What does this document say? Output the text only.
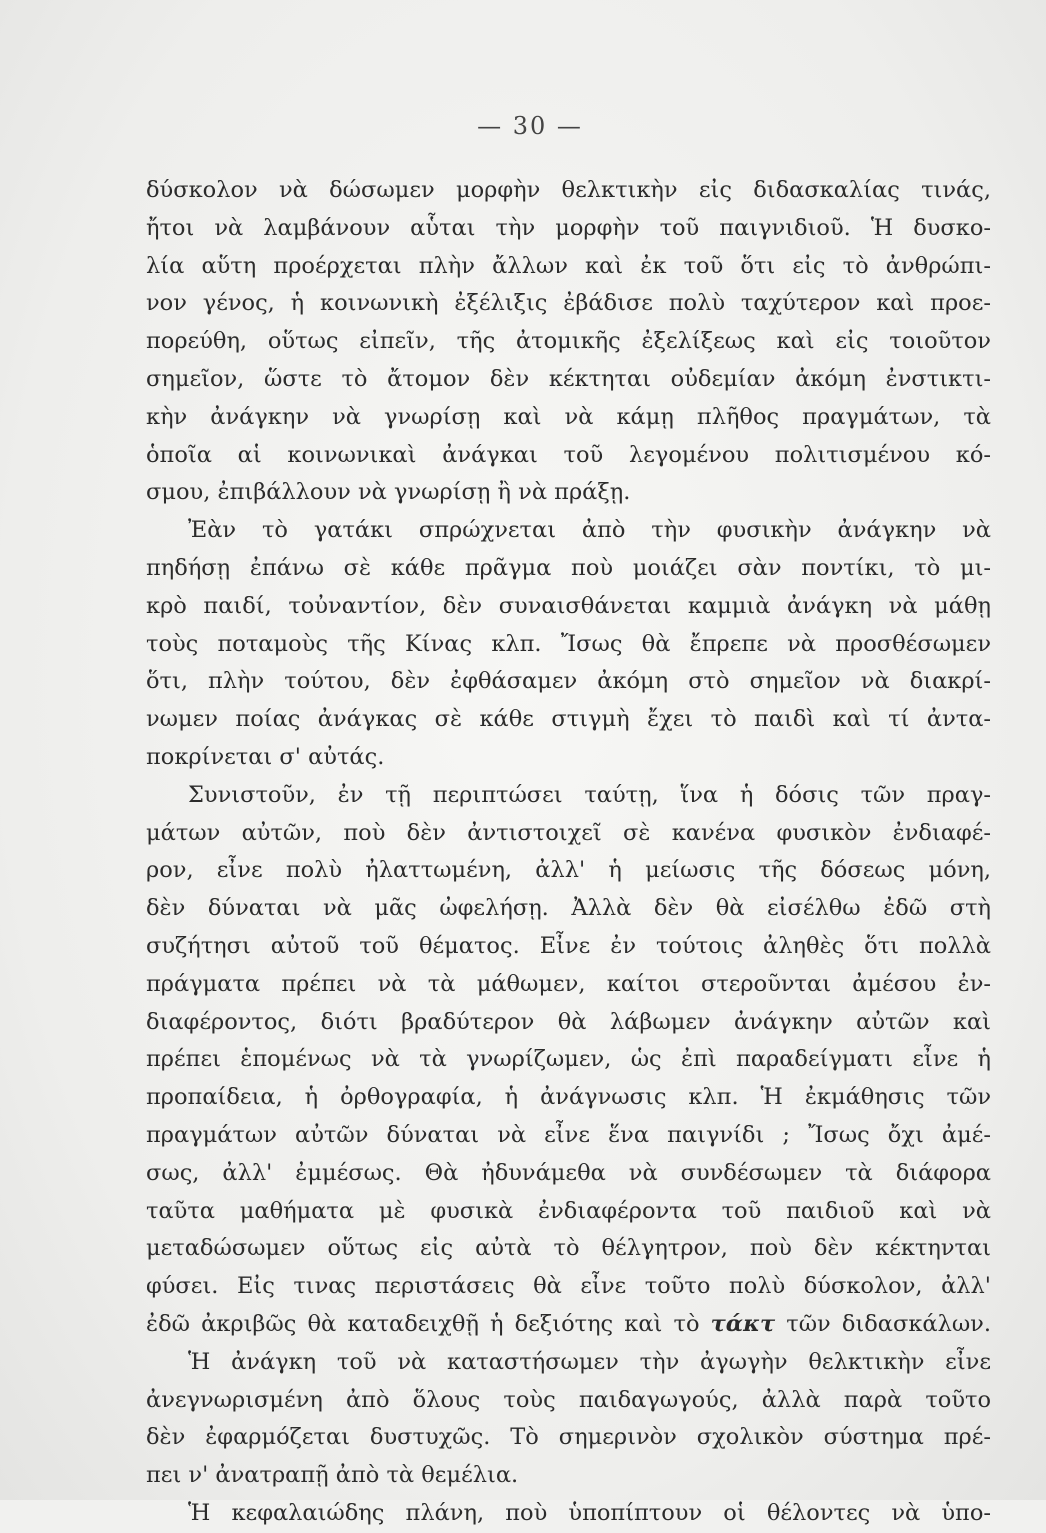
— 30 —
δύσκολον νὰ δώσωμεν μορφὴν θελκτικὴν εἰς διδασκαλίας τινάς,
ἤτοι νὰ λαμβάνουν αὗται τὴν μορφὴν τοῦ παιγνιδιοῦ. Ἡ δυσκο-
λία αὕτη προέρχεται πλὴν ἄλλων καὶ ἐκ τοῦ ὅτι εἰς τὸ ἀνθρώπι-
νον γένος, ἡ κοινωνικὴ ἐξέλιξις ἐβάδισε πολὺ ταχύτερον καὶ προε-
πορεύθη, οὕτως εἰπεῖν, τῆς ἀτομικῆς ἐξελίξεως καὶ εἰς τοιοῦτον
σημεῖον, ὥστε τὸ ἄτομον δὲν κέκτηται οὐδεμίαν ἀκόμη ἐνστικτι-
κὴν ἀνάγκην νὰ γνωρίσῃ καὶ νὰ κάμῃ πλῆθος πραγμάτων, τὰ
ὁποῖα αἱ κοινωνικαὶ ἀνάγκαι τοῦ λεγομένου πολιτισμένου κό-
σμου, ἐπιβάλλουν νὰ γνωρίσῃ ἢ νὰ πράξῃ.
Ἐὰν τὸ γατάκι σπρώχνεται ἀπὸ τὴν φυσικὴν ἀνάγκην νὰ
πηδήσῃ ἐπάνω σὲ κάθε πρᾶγμα ποὺ μοιάζει σὰν ποντίκι, τὸ μι-
κρὸ παιδί, τοὐναντίον, δὲν συναισθάνεται καμμιὰ ἀνάγκη νὰ μάθῃ
τοὺς ποταμοὺς τῆς Κίνας κλπ. Ἴσως θὰ ἔπρεπε νὰ προσθέσωμεν
ὅτι, πλὴν τούτου, δὲν ἐφθάσαμεν ἀκόμη στὸ σημεῖον νὰ διακρί-
νωμεν ποίας ἀνάγκας σὲ κάθε στιγμὴ ἔχει τὸ παιδὶ καὶ τί ἀντα-
ποκρίνεται σ' αὐτάς.
Συνιστοῦν, ἐν τῇ περιπτώσει ταύτῃ, ἵνα ἡ δόσις τῶν πραγ-
μάτων αὐτῶν, ποὺ δὲν ἀντιστοιχεῖ σὲ κανένα φυσικὸν ἐνδιαφέ-
ρον, εἶνε πολὺ ἠλαττωμένη, ἀλλ' ἡ μείωσις τῆς δόσεως μόνη,
δὲν δύναται νὰ μᾶς ὠφελήσῃ. Ἀλλὰ δὲν θὰ εἰσέλθω ἐδῶ στὴ
συζήτησι αὐτοῦ τοῦ θέματος. Εἶνε ἐν τούτοις ἀληθὲς ὅτι πολλὰ
πράγματα πρέπει νὰ τὰ μάθωμεν, καίτοι στεροῦνται ἀμέσου ἐν-
διαφέροντος, διότι βραδύτερον θὰ λάβωμεν ἀνάγκην αὐτῶν καὶ
πρέπει ἑπομένως νὰ τὰ γνωρίζωμεν, ὡς ἐπὶ παραδείγματι εἶνε ἡ
προπαίδεια, ἡ ὀρθογραφία, ἡ ἀνάγνωσις κλπ. Ἡ ἐκμάθησις τῶν
πραγμάτων αὐτῶν δύναται νὰ εἶνε ἕνα παιγνίδι ; Ἴσως ὄχι ἀμέ-
σως, ἀλλ' ἐμμέσως. Θὰ ἠδυνάμεθα νὰ συνδέσωμεν τὰ διάφορα
ταῦτα μαθήματα μὲ φυσικὰ ἐνδιαφέροντα τοῦ παιδιοῦ καὶ νὰ
μεταδώσωμεν οὕτως εἰς αὐτὰ τὸ θέλγητρον, ποὺ δὲν κέκτηνται
φύσει. Εἰς τινας περιστάσεις θὰ εἶνε τοῦτο πολὺ δύσκολον, ἀλλ'
ἐδῶ ἀκριβῶς θὰ καταδειχθῇ ἡ δεξιότης καὶ τὸ τάκτ τῶν διδασκάλων.
Ἡ ἀνάγκη τοῦ νὰ καταστήσωμεν τὴν ἀγωγὴν θελκτικὴν εἶνε
ἀνεγνωρισμένη ἀπὸ ὅλους τοὺς παιδαγωγούς, ἀλλὰ παρὰ τοῦτο
δὲν ἐφαρμόζεται δυστυχῶς. Τὸ σημερινὸν σχολικὸν σύστημα πρέ-
πει ν' ἀνατραπῇ ἀπὸ τὰ θεμέλια.
Ἡ κεφαλαιώδης πλάνη, ποὺ ὑποπίπτουν οἱ θέλοντες νὰ ὑπο-
